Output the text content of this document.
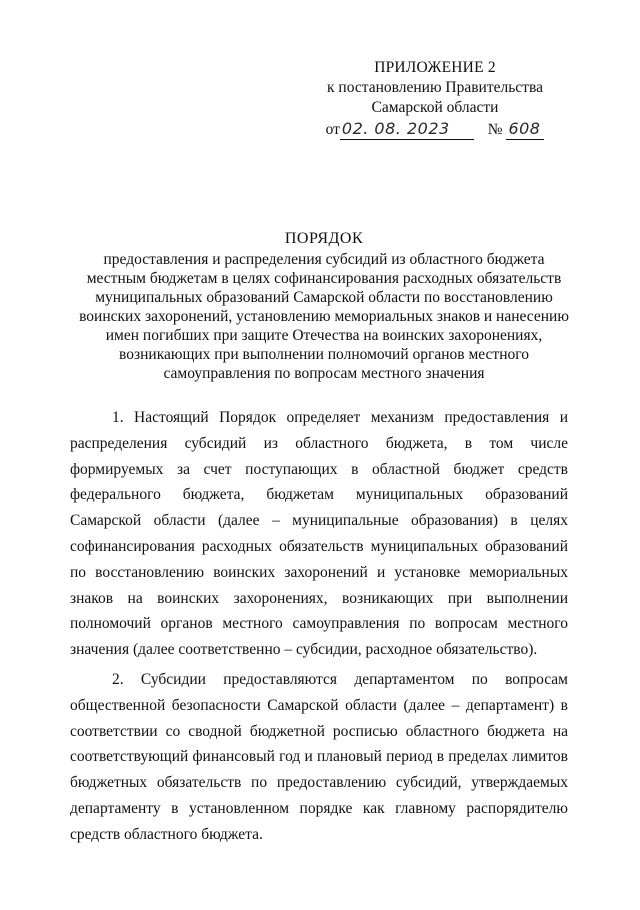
ПРИЛОЖЕНИЕ 2
к постановлению Правительства
Самарской области
от 02. 08. 2023 № 608
ПОРЯДОК
предоставления и распределения субсидий из областного бюджета
местным бюджетам в целях софинансирования расходных обязательств
муниципальных образований Самарской области по восстановлению
воинских захоронений, установлению мемориальных знаков и нанесению
имен погибших при защите Отечества на воинских захоронениях,
возникающих при выполнении полномочий органов местного
самоуправления по вопросам местного значения
1. Настоящий Порядок определяет механизм предоставления и
распределения субсидий из областного бюджета, в том числе
формируемых за счет поступающих в областной бюджет средств
федерального бюджета, бюджетам муниципальных образований
Самарской области (далее – муниципальные образования) в целях
софинансирования расходных обязательств муниципальных образований
по восстановлению воинских захоронений и установке мемориальных
знаков на воинских захоронениях, возникающих при выполнении
полномочий органов местного самоуправления по вопросам местного
значения (далее соответственно – субсидии, расходное обязательство).
2. Субсидии предоставляются департаментом по вопросам
общественной безопасности Самарской области (далее – департамент) в
соответствии со сводной бюджетной росписью областного бюджета на
соответствующий финансовый год и плановый период в пределах лимитов
бюджетных обязательств по предоставлению субсидий, утверждаемых
департаменту в установленном порядке как главному распорядителю
средств областного бюджета.
